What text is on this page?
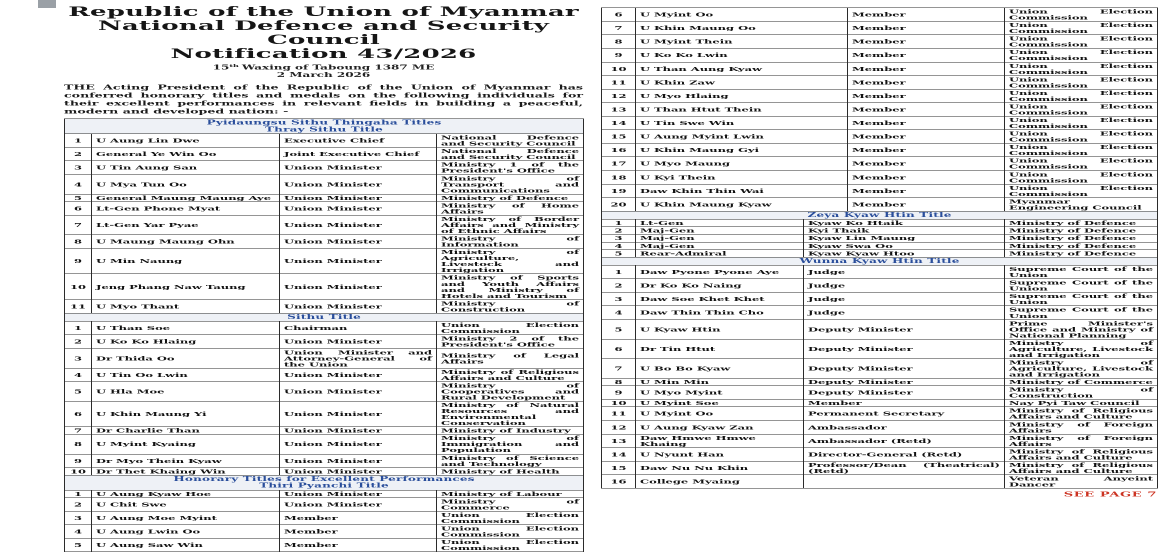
Republic of the Union of Myanmar
National Defence and Security Council
Notification 43/2026
15th Waxing of Taboung 1387 ME
2 March 2026
THE Acting President of the Republic of the Union of Myanmar has conferred honorary titles and medals on the following individuals for their excellent performances in relevant fields in building a peaceful, modern and developed nation: -
Pyidaungsu Sithu Thingaha Titles
Thray Sithu Title			

1	U Aung Lin Dwe	Executive Chief	National Defence and Security Council
2	General Ye Win Oo	Joint Executive Chief	National Defence and Security Council
3	U Tin Aung San	Union Minister	Ministry 1 of the President's Office
4	U Mya Tun Oo	Union Minister	Ministry of Transport and Communications
5	General Maung Maung Aye	Union Minister	Ministry of Defence
6	Lt-Gen Phone Myat	Union Minister	Ministry of Home Affairs
7	Lt-Gen Yar Pyae	Union Minister	Ministry of Border Affairs and Ministry of Ethnic Affairs
8	U Maung Maung Ohn	Union Minister	Ministry of Information
9	U Min Naung	Union Minister	Ministry of Agriculture, Livestock and Irrigation
10	Jeng Phang Naw Taung	Union Minister	Ministry of Sports and Youth Affairs and Ministry of Hotels and Tourism
11	U Myo Thant	Union Minister	Ministry of Construction
Sithu Title			

1	U Than Soe	Chairman	Union Election Commission
2	U Ko Ko Hlaing	Union Minister	Ministry 2 of the President's Office
3	Dr Thida Oo	Union Minister and Attorney-General of the Union	Ministry of Legal Affairs
4	U Tin Oo Lwin	Union Minister	Ministry of Religious Affairs and Culture
5	U Hla Moe	Union Minister	Ministry of Cooperatives and Rural Development
6	U Khin Maung Yi	Union Minister	Ministry of Natural Resources and Environmental Conservation
7	Dr Charlie Than	Union Minister	Ministry of Industry
8	U Myint Kyaing	Union Minister	Ministry of Immigration and Population
9	Dr Myo Thein Kyaw	Union Minister	Ministry of Science and Technology
10	Dr Thet Khaing Win	Union Minister	Ministry of Health
Honorary Titles for Excellent Performances
Thiri Pyanchi Title			

1	U Aung Kyaw Hoe	Union Minister	Ministry of Labour
2	U Chit Swe	Union Minister	Ministry of Commerce
3	U Aung Moe Myint	Member	Union Election Commission
4	U Aung Lwin Oo	Member	Union Election Commission
5	U Aung Saw Win	Member	Union Election Commission
6	U Myint Oo	Member	Union Election Commission
7	U Khin Maung Oo	Member	Union Election Commission
8	U Myint Thein	Member	Union Election Commission
9	U Ko Ko Lwin	Member	Union Election Commission
10	U Than Aung Kyaw	Member	Union Election Commission
11	U Khin Zaw	Member	Union Election Commission
12	U Myo Hlaing	Member	Union Election Commission
13	U Than Htut Thein	Member	Union Election Commission
14	U Tin Swe Win	Member	Union Election Commission
15	U Aung Myint Lwin	Member	Union Election Commission
16	U Khin Maung Gyi	Member	Union Election Commission
17	U Myo Maung	Member	Union Election Commission
18	U Kyi Thein	Member	Union Election Commission
19	Daw Khin Thin Wai	Member	Union Election Commission
20	U Khin Maung Kyaw	Member	Myanmar Engineering Council
Zeya Kyaw Htin Title			

1	Lt-Gen	Kyaw Ko Htaik	Ministry of Defence
2	Maj-Gen	Kyi Thaik	Ministry of Defence
3	Maj-Gen	Kyaw Lin Maung	Ministry of Defence
4	Maj-Gen	Kyaw Swa Oo	Ministry of Defence
5	Rear-Admiral	Kyaw Kyaw Htoo	Ministry of Defence
Wunna Kyaw Htin Title			

1	Daw Pyone Pyone Aye	Judge	Supreme Court of the Union
2	Dr Ko Ko Naing	Judge	Supreme Court of the Union
3	Daw Soe Khet Khet	Judge	Supreme Court of the Union
4	Daw Thin Thin Cho	Judge	Supreme Court of the Union
5	U Kyaw Htin	Deputy Minister	Prime Minister's Office and Ministry of National Planning
6	Dr Tin Htut	Deputy Minister	Ministry of Agriculture, Livestock and Irrigation
7	U Bo Bo Kyaw	Deputy Minister	Ministry of Agriculture, Livestock and Irrigation
8	U Min Min	Deputy Minister	Ministry of Commerce
9	U Myo Myint	Deputy Minister	Ministry of Construction
10	U Myint Soe	Member	Nay Pyi Taw Council
11	U Myint Oo	Permanent Secretary	Ministry of Religious Affairs and Culture
12	U Aung Kyaw Zan	Ambassador	Ministry of Foreign Affairs
13	Daw Hmwe Hmwe Khaing	Ambassador (Retd)	Ministry of Foreign Affairs
14	U Nyunt Han	Director-General (Retd)	Ministry of Religious Affairs and Culture
15	Daw Nu Nu Khin	Professor/Dean (Theatrical) (Retd)	Ministry of Religious Affairs and Culture
16	College Myaing		Veteran Anyeint Dancer
SEE PAGE 7
